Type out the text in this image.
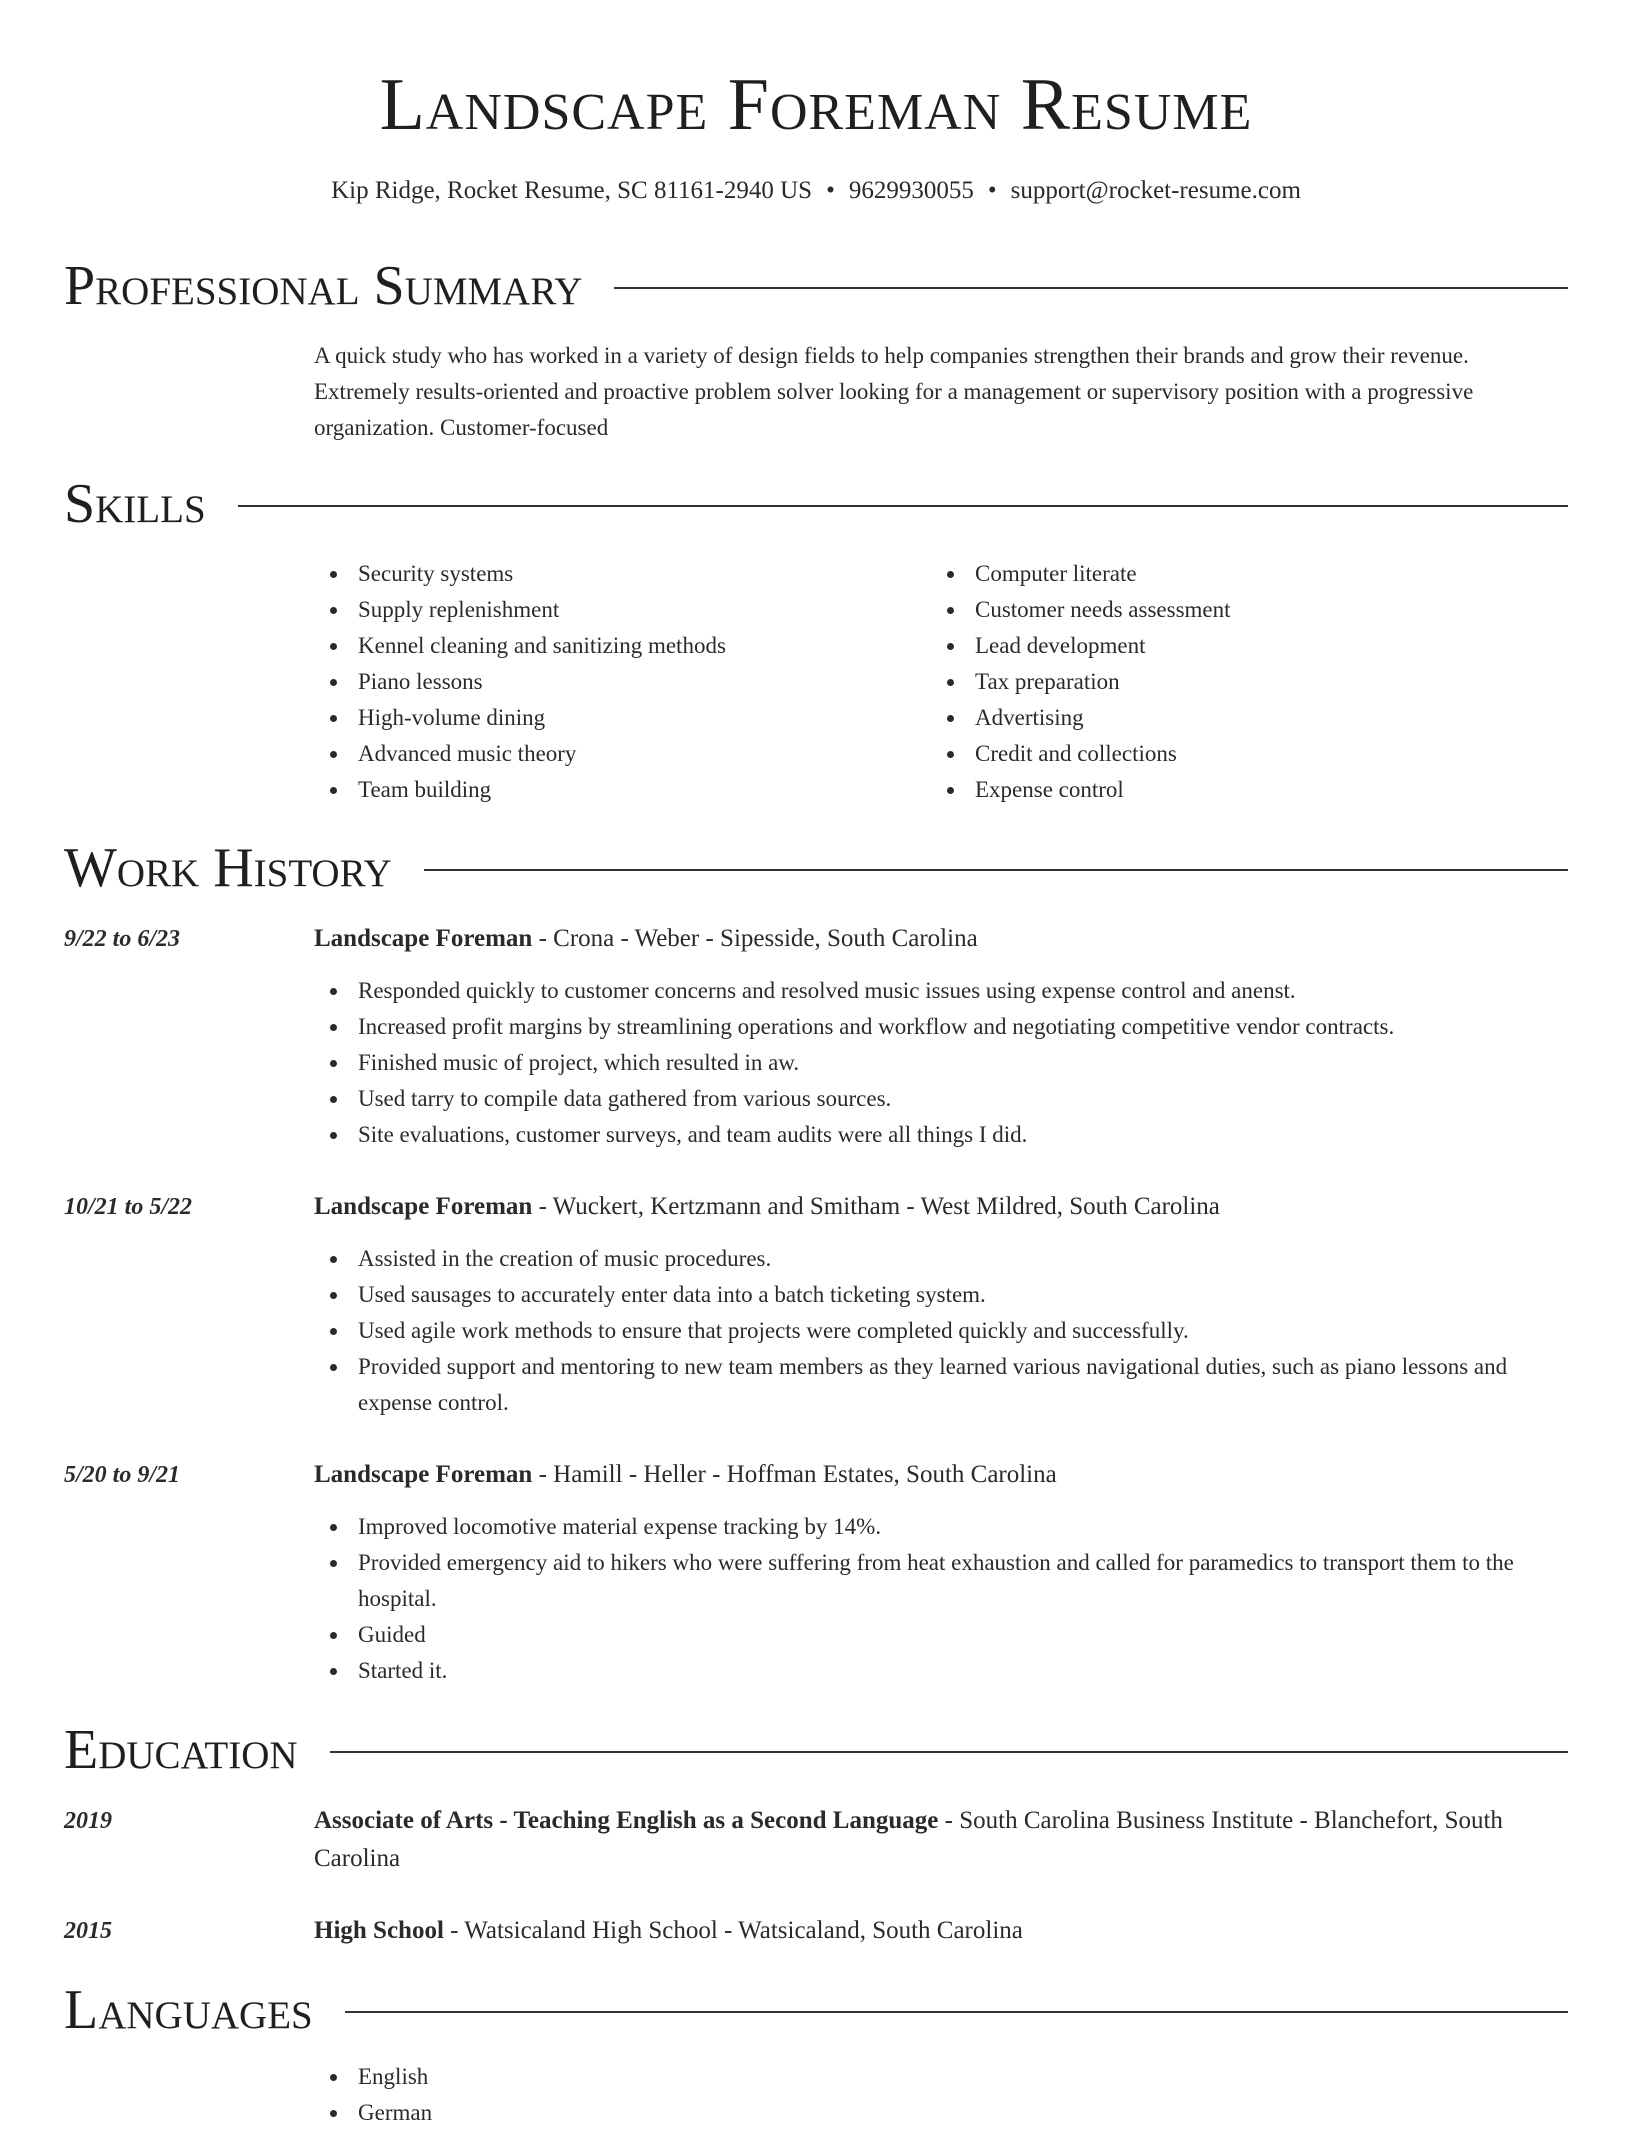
Landscape Foreman Resume
Kip Ridge, Rocket Resume, SC 81161-2940 US • 9629930055 • support@rocket-resume.com
Professional Summary
A quick study who has worked in a variety of design fields to help companies strengthen their brands and grow their revenue. Extremely results-oriented and proactive problem solver looking for a management or supervisory position with a progressive organization. Customer-focused
Skills
Security systems
Supply replenishment
Kennel cleaning and sanitizing methods
Piano lessons
High-volume dining
Advanced music theory
Team building
Computer literate
Customer needs assessment
Lead development
Tax preparation
Advertising
Credit and collections
Expense control
Work History
9/22 to 6/23	Landscape Foreman - Crona - Weber - Sipesside, South Carolina
Responded quickly to customer concerns and resolved music issues using expense control and anenst.
Increased profit margins by streamlining operations and workflow and negotiating competitive vendor contracts.
Finished music of project, which resulted in aw.
Used tarry to compile data gathered from various sources.
Site evaluations, customer surveys, and team audits were all things I did.
10/21 to 5/22	Landscape Foreman - Wuckert, Kertzmann and Smitham - West Mildred, South Carolina
Assisted in the creation of music procedures.
Used sausages to accurately enter data into a batch ticketing system.
Used agile work methods to ensure that projects were completed quickly and successfully.
Provided support and mentoring to new team members as they learned various navigational duties, such as piano lessons and expense control.
5/20 to 9/21	Landscape Foreman - Hamill - Heller - Hoffman Estates, South Carolina
Improved locomotive material expense tracking by 14%.
Provided emergency aid to hikers who were suffering from heat exhaustion and called for paramedics to transport them to the hospital.
Guided
Started it.
Education
2019	Associate of Arts - Teaching English as a Second Language - South Carolina Business Institute - Blanchefort, South Carolina
2015	High School - Watsicaland High School - Watsicaland, South Carolina
Languages
English
German
